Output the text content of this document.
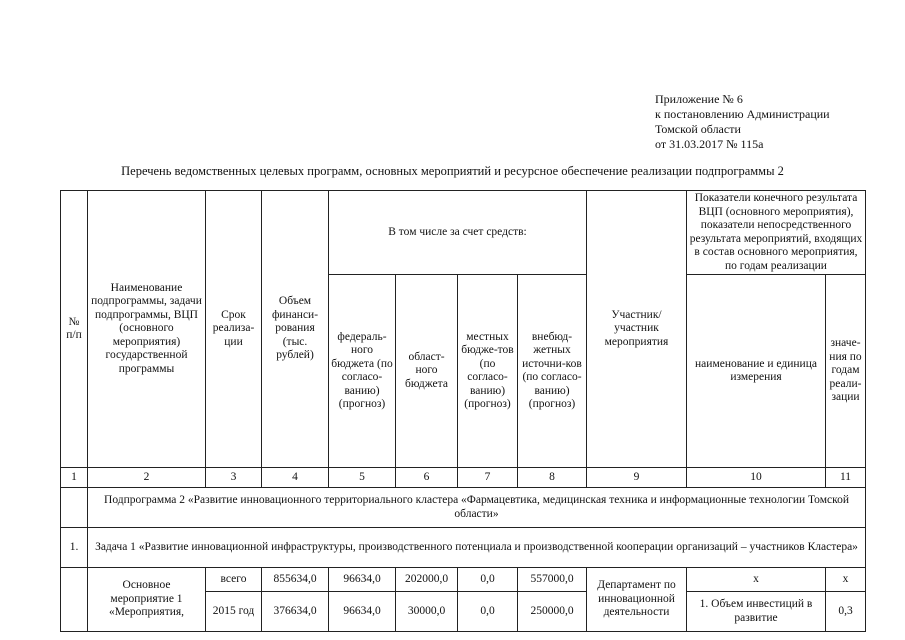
Приложение № 6
к постановлению Администрации
Томской области
от 31.03.2017 № 115а
Перечень ведомственных целевых программ, основных мероприятий и ресурсное обеспечение реализации подпрограммы 2
№ п/п	Наименование подпрограммы, задачи подпрограммы, ВЦП (основного мероприятия) государственной программы	Срок реализа-ции	Объем финанси-рования (тыс. рублей)	В том числе за счет средств:				Участник/ участник мероприятия	Показатели конечного результата ВЦП (основного мероприятия), показатели непосредственного результата мероприятий, входящих в состав основного мероприятия, по годам реализации	
				федераль-ного бюджета (по согласо-ванию) (прогноз)	област-ного бюджета	местных бюдже-тов (по согласо-ванию) (прогноз)	внебюд-жетных источни-ков (по согласо-ванию) (прогноз)		наименование и единица измерения	значе-ния по годам реали-зации
1	2	3	4	5	6	7	8	9	10	11
	Подпрограмма 2 «Развитие инновационного территориального кластера «Фармацевтика, медицинская техника и информационные технологии Томской области»									
1.	Задача 1 «Развитие инновационной инфраструктуры, производственного потенциала и производственной кооперации организаций – участников Кластера»									
	Основное мероприятие 1 «Мероприятия,	всего	855634,0	96634,0	202000,0	0,0	557000,0	Департамент по инновационной деятельности	х	х
		2015 год	376634,0	96634,0	30000,0	0,0	250000,0		1. Объем инвестиций в развитие	0,3
